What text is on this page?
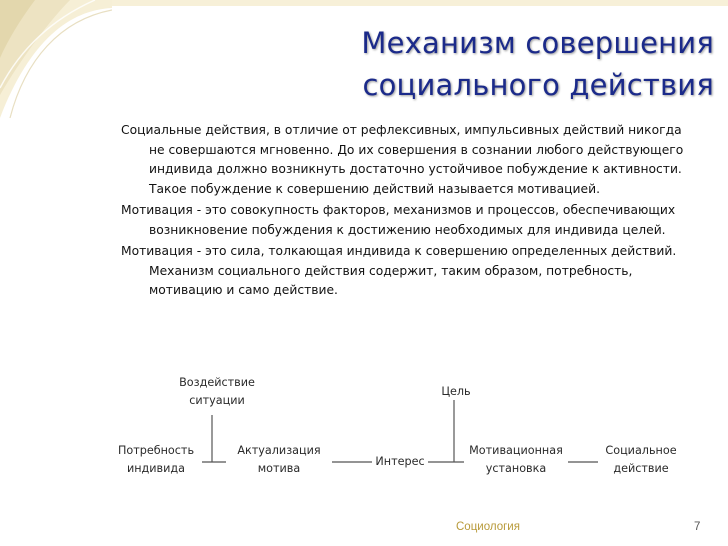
Механизм совершения
социального действия

Социальные действия, в отличие от рефлексивных, импульсивных действий никогда не совершаются мгновенно. До их совершения в сознании любого действующего индивида должно возникнуть достаточно устойчивое побуждение к активности. Такое побуждение к совершению действий называется мотивацией.

Мотивация - это совокупность факторов, механизмов и процессов, обеспечивающих возникновение побуждения к достижению необходимых для индивида целей.

Мотивация - это сила, толкающая индивида к совершению определенных действий. Механизм социального действия содержит, таким образом, потребность, мотивацию и само действие.

Воздействие
ситуации
Цель
Потребность
индивида
Актуализация
мотива
Интерес
Мотивационная
установка
Социальное
действие
Социология	7
